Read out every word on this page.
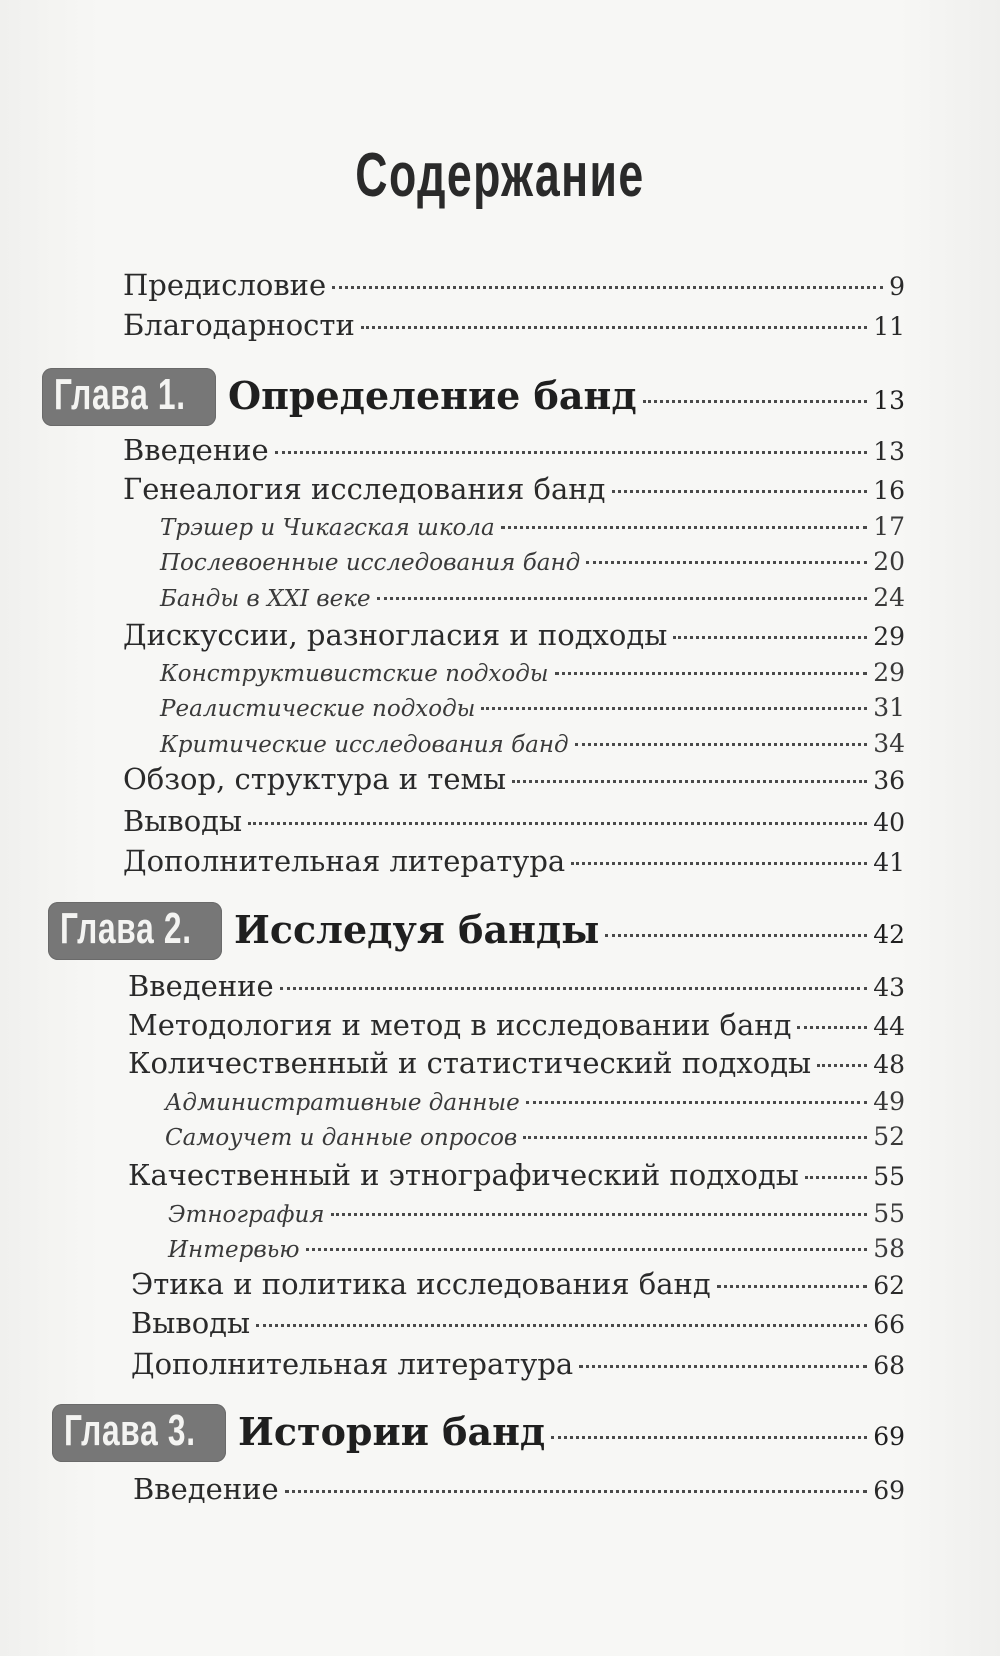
Содержание
Предисловие	9
Благодарности	11
Глава 1.	Определение банд	13
Введение	13
Генеалогия исследования банд	16
Трэшер и Чикагская школа	17
Послевоенные исследования банд	20
Банды в XXI веке	24
Дискуссии, разногласия и подходы	29
Конструктивистские подходы	29
Реалистические подходы	31
Критические исследования банд	34
Обзор, структура и темы	36
Выводы	40
Дополнительная литература	41
Глава 2.	Исследуя банды	42
Введение	43
Методология и метод в исследовании банд	44
Количественный и статистический подходы 48
Административные данные	49
Самоучет и данные опросов	52
Качественный и этнографический подходы	55
Этнография	55
Интервью	58
Этика и политика исследования банд	62
Выводы	66
Дополнительная литература	68
Глава 3.	Истории банд	69
Введение	69
